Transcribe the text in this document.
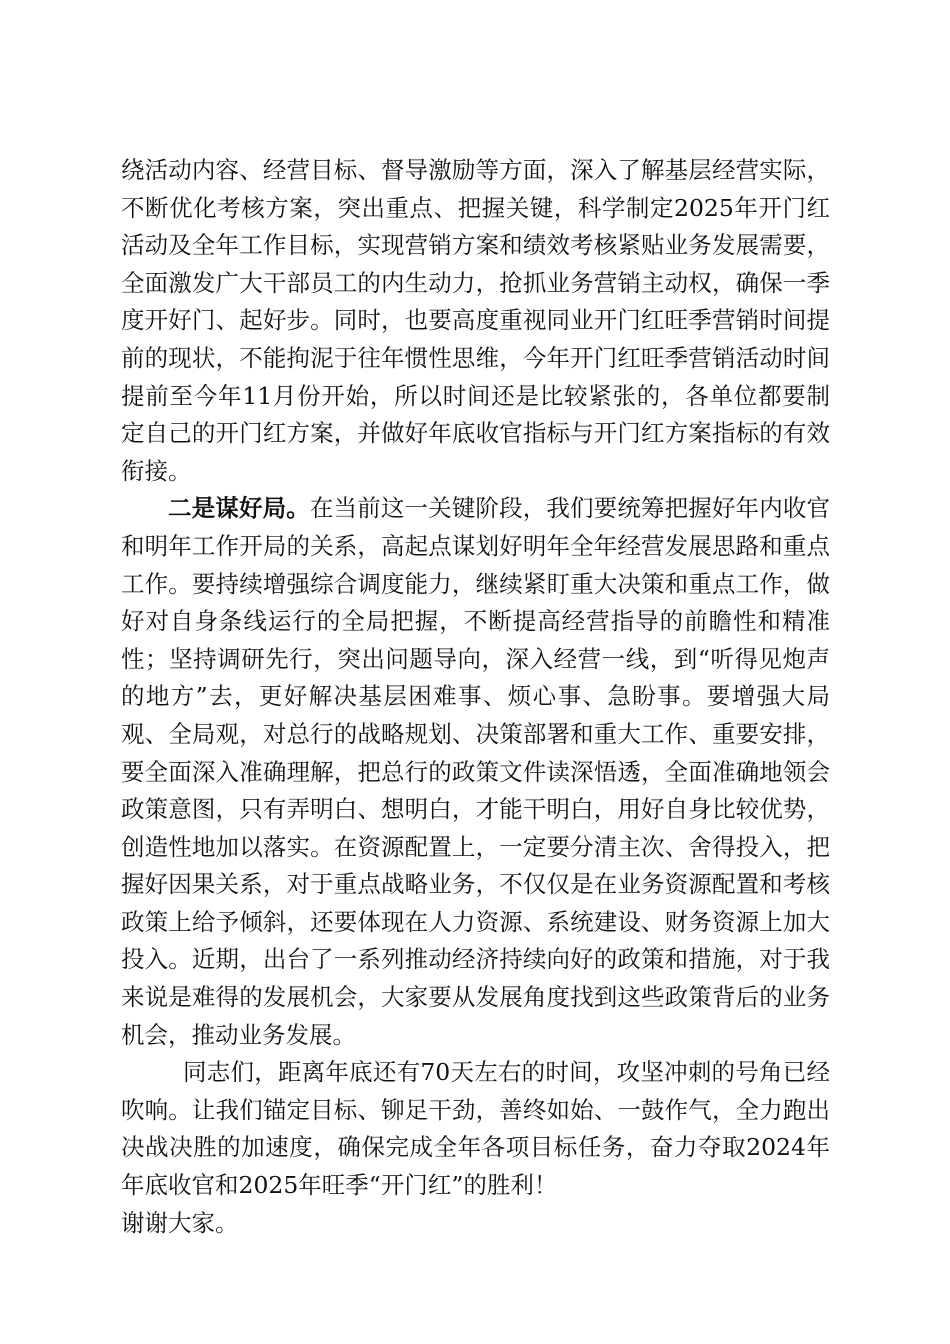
绕活动内容、经营目标、督导激励等方面，深入了解基层经营实际，不断优化考核方案，突出重点、把握关键，科学制定2025年开门红活动及全年工作目标，实现营销方案和绩效考核紧贴业务发展需要，全面激发广大干部员工的内生动力，抢抓业务营销主动权，确保一季度开好门、起好步。同时，也要高度重视同业开门红旺季营销时间提前的现状，不能拘泥于往年惯性思维，今年开门红旺季营销活动时间提前至今年11月份开始，所以时间还是比较紧张的，各单位都要制定自己的开门红方案，并做好年底收官指标与开门红方案指标的有效衔接。

二是谋好局。在当前这一关键阶段，我们要统筹把握好年内收官和明年工作开局的关系，高起点谋划好明年全年经营发展思路和重点工作。要持续增强综合调度能力，继续紧盯重大决策和重点工作，做好对自身条线运行的全局把握，不断提高经营指导的前瞻性和精准性；坚持调研先行，突出问题导向，深入经营一线，到“听得见炮声的地方”去，更好解决基层困难事、烦心事、急盼事。要增强大局观、全局观，对总行的战略规划、决策部署和重大工作、重要安排，要全面深入准确理解，把总行的政策文件读深悟透，全面准确地领会政策意图，只有弄明白、想明白，才能干明白，用好自身比较优势，创造性地加以落实。在资源配置上，一定要分清主次、舍得投入，把握好因果关系，对于重点战略业务，不仅仅是在业务资源配置和考核政策上给予倾斜，还要体现在人力资源、系统建设、财务资源上加大投入。近期，出台了一系列推动经济持续向好的政策和措施，对于我来说是难得的发展机会，大家要从发展角度找到这些政策背后的业务机会，推动业务发展。

同志们，距离年底还有70天左右的时间，攻坚冲刺的号角已经吹响。让我们锚定目标、铆足干劲，善终如始、一鼓作气，全力跑出决战决胜的加速度，确保完成全年各项目标任务，奋力夺取2024年年底收官和2025年旺季“开门红”的胜利！

谢谢大家。
